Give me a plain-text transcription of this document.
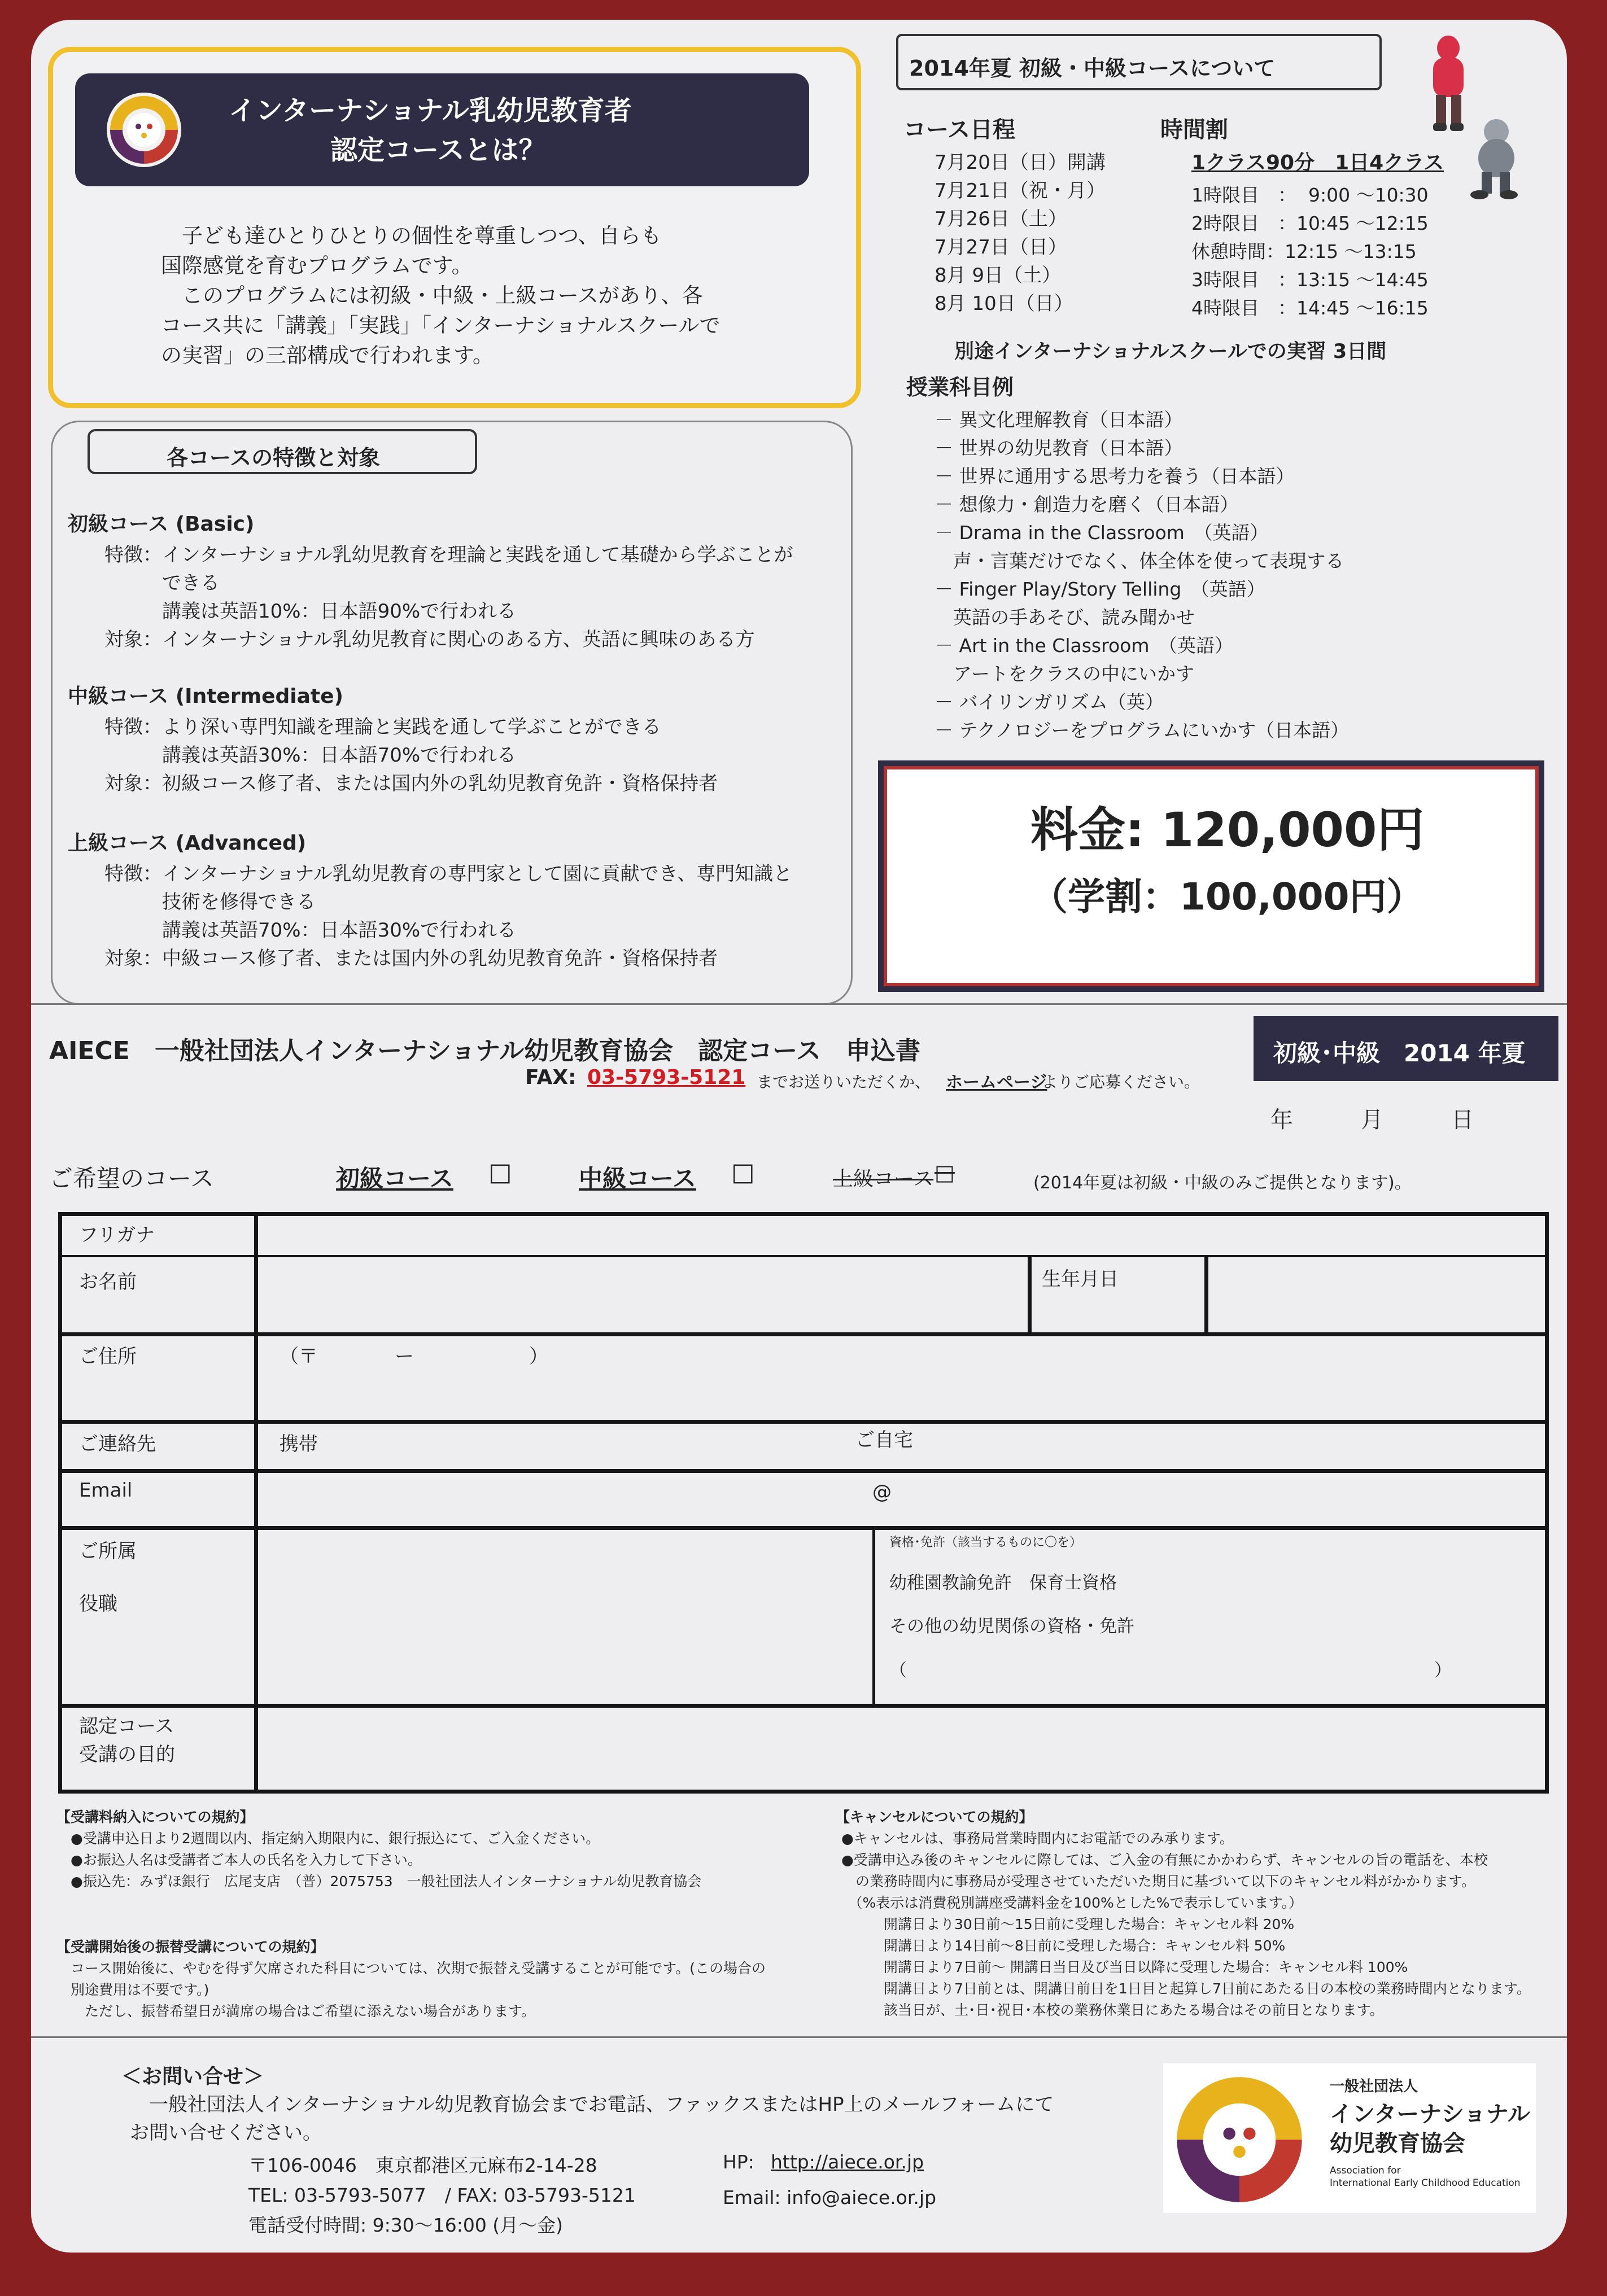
インターナショナル乳幼児教育者
認定コースとは？
　子ども達ひとりひとりの個性を尊重しつつ、自らも
国際感覚を育むプログラムです。
　このプログラムには初級・中級・上級コースがあり、各
コース共に「講義」「実践」「インターナショナルスクールで
の実習」の三部構成で行われます。
各コースの特徴と対象
初級コース (Basic)
特徴：インターナショナル乳幼児教育を理論と実践を通して基礎から学ぶことが
　　　できる
　　　講義は英語10%：日本語90%で行われる
対象：インターナショナル乳幼児教育に関心のある方、英語に興味のある方
中級コース (Intermediate)
特徴：より深い専門知識を理論と実践を通して学ぶことができる
　　　講義は英語30%：日本語70%で行われる
対象：初級コース修了者、または国内外の乳幼児教育免許・資格保持者
上級コース (Advanced)
特徴：インターナショナル乳幼児教育の専門家として園に貢献でき、専門知識と
　　　技術を修得できる
　　　講義は英語70%：日本語30%で行われる
対象：中級コース修了者、または国内外の乳幼児教育免許・資格保持者
2014年夏 初級・中級コースについて
コース日程
7月20日（日）開講
7月21日（祝・月）
7月26日（土）
7月27日（日）
8月 9日（土）
8月 10日（日）
時間割
1クラス90分　1日4クラス
1時限目　：  9:00 〜10:30
2時限目　：10:45 〜12:15
休憩時間：12:15 〜13:15
3時限目　：13:15 〜14:45
4時限目　：14:45 〜16:15
別途インターナショナルスクールでの実習 3日間
授業科目例
－ 異文化理解教育（日本語）
－ 世界の幼児教育（日本語）
－ 世界に通用する思考力を養う（日本語）
－ 想像力・創造力を磨く（日本語）
－ Drama in the Classroom　（英語）
　声・言葉だけでなく、体全体を使って表現する
－ Finger Play/Story Telling　（英語）
　英語の手あそび、読み聞かせ
－ Art in the Classroom　（英語）
　アートをクラスの中にいかす
－ バイリンガリズム（英）
－ テクノロジーをプログラムにいかす（日本語）
料金: 120,000円
（学割：100,000円）
AIECE　一般社団法人インターナショナル幼児教育協会　認定コース　申込書	初級･中級　2014 年夏
FAX: 03-5793-5121 までお送りいただくか、 ホームページ
よりご応募ください。
年　　　月　　　日
ご希望のコース	初級コース □	中級コース □	上級コース □	(2014年夏は初級・中級のみご提供となります)。
フリガナ
お名前	生年月日
ご住所	（〒　　　　ー　　　　　　）
ご連絡先	携帯	ご自宅
Email	@
ご所属
役職
資格･免許（該当するものに〇を）
幼稚園教諭免許　保育士資格
その他の幼児関係の資格・免許
（	）
認定コース
受講の目的
【受講料納入についての規約】
●受講申込日より2週間以内、指定納入期限内に、銀行振込にて、ご入金ください。
●お振込人名は受講者ご本人の氏名を入力して下さい。
●振込先：みずほ銀行　広尾支店　（普）2075753　一般社団法人インターナショナル幼児教育協会
【受講開始後の振替受講についての規約】
コース開始後に、やむを得ず欠席された科目については、次期で振替え受講することが可能です。(この場合の
別途費用は不要です。)
　ただし、振替希望日が満席の場合はご希望に添えない場合があります。
【キャンセルについての規約】
●キャンセルは、事務局営業時間内にお電話でのみ承ります。
●受講申込み後のキャンセルに際しては、ご入金の有無にかかわらず、キャンセルの旨の電話を、本校
　の業務時間内に事務局が受理させていただいた期日に基づいて以下のキャンセル料がかかります。
　（%表示は消費税別講座受講料金を100%とした%で表示しています。）
　　　開講日より30日前〜15日前に受理した場合：キャンセル料 20%
　　　開講日より14日前〜8日前に受理した場合：キャンセル料 50%
　　　開講日より7日前〜 開講日当日及び当日以降に受理した場合：キャンセル料 100%
　　　開講日より7日前とは、開講日前日を1日目と起算し7日前にあたる日の本校の業務時間内となります。
　　　該当日が、土･日･祝日･本校の業務休業日にあたる場合はその前日となります。
＜お問い合せ＞
　一般社団法人インターナショナル幼児教育協会までお電話、ファックスまたはHP上のメールフォームにて
お問い合せください。
〒106-0046　東京都港区元麻布2-14-28
TEL: 03-5793-5077　/ FAX: 03-5793-5121
電話受付時間: 9:30〜16:00 (月〜金)
HP: http://aiece.or.jp
Email: info@aiece.or.jp
一般社団法人
インターナショナル
幼児教育協会
Association for
International Early Childhood Education
